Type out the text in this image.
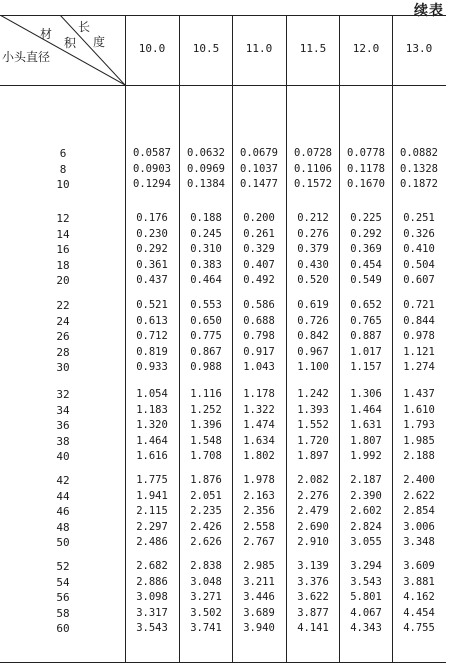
续表
材
积
长
度
小头直径
10.0	10.5	11.0	11.5	12.0	13.0
6	0.0587	0.0632	0.0679	0.0728	0.0778	0.0882
8	0.0903	0.0969	0.1037	0.1106	0.1178	0.1328
10	0.1294	0.1384	0.1477	0.1572	0.1670	0.1872
12	0.176	0.188	0.200	0.212	0.225	0.251
14	0.230	0.245	0.261	0.276	0.292	0.326
16	0.292	0.310	0.329	0.379	0.369	0.410
18	0.361	0.383	0.407	0.430	0.454	0.504
20	0.437	0.464	0.492	0.520	0.549	0.607
22	0.521	0.553	0.586	0.619	0.652	0.721
24	0.613	0.650	0.688	0.726	0.765	0.844
26	0.712	0.775	0.798	0.842	0.887	0.978
28	0.819	0.867	0.917	0.967	1.017	1.121
30	0.933	0.988	1.043	1.100	1.157	1.274
32	1.054	1.116	1.178	1.242	1.306	1.437
34	1.183	1.252	1.322	1.393	1.464	1.610
36	1.320	1.396	1.474	1.552	1.631	1.793
38	1.464	1.548	1.634	1.720	1.807	1.985
40	1.616	1.708	1.802	1.897	1.992	2.188
42	1.775	1.876	1.978	2.082	2.187	2.400
44	1.941	2.051	2.163	2.276	2.390	2.622
46	2.115	2.235	2.356	2.479	2.602	2.854
48	2.297	2.426	2.558	2.690	2.824	3.006
50	2.486	2.626	2.767	2.910	3.055	3.348
52	2.682	2.838	2.985	3.139	3.294	3.609
54	2.886	3.048	3.211	3.376	3.543	3.881
56	3.098	3.271	3.446	3.622	5.801	4.162
58	3.317	3.502	3.689	3.877	4.067	4.454
60	3.543	3.741	3.940	4.141	4.343	4.755
